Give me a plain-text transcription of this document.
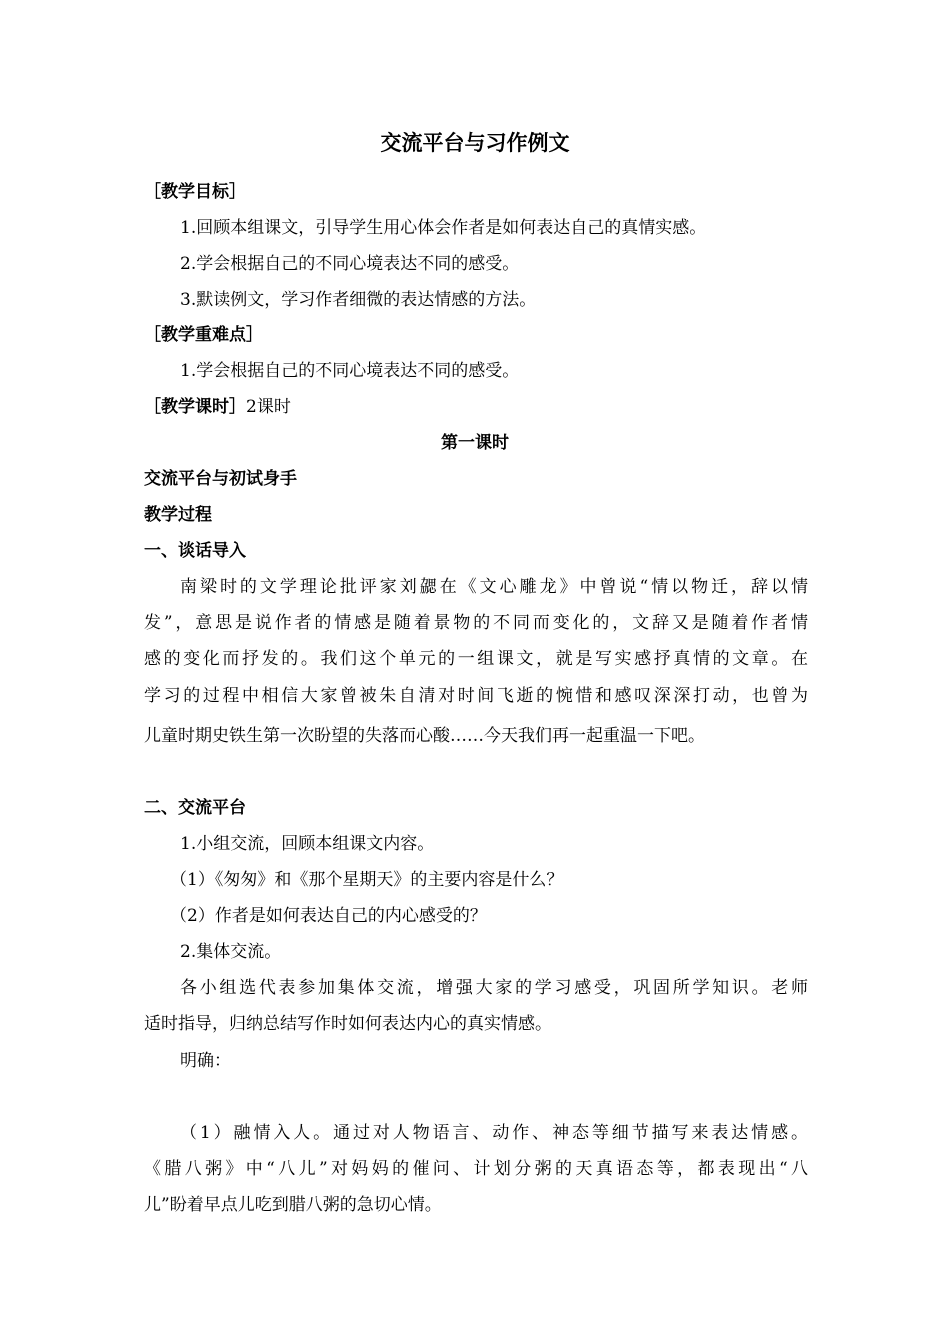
交流平台与习作例文
［教学目标］
1.回顾本组课文，引导学生用心体会作者是如何表达自己的真情实感。
2.学会根据自己的不同心境表达不同的感受。
3.默读例文，学习作者细微的表达情感的方法。
［教学重难点］
1.学会根据自己的不同心境表达不同的感受。
［教学课时］2课时
第一课时
交流平台与初试身手
教学过程
一、谈话导入
南梁时的文学理论批评家刘勰在《文心雕龙》中曾说“情以物迁，辞以情
发”，意思是说作者的情感是随着景物的不同而变化的，文辞又是随着作者情
感的变化而抒发的。我们这个单元的一组课文，就是写实感抒真情的文章。在
学习的过程中相信大家曾被朱自清对时间飞逝的惋惜和感叹深深打动，也曾为
儿童时期史铁生第一次盼望的失落而心酸……今天我们再一起重温一下吧。
二、交流平台
1.小组交流，回顾本组课文内容。
（1）《匆匆》和《那个星期天》的主要内容是什么？
（2）作者是如何表达自己的内心感受的？
2.集体交流。
各小组选代表参加集体交流，增强大家的学习感受，巩固所学知识。老师
适时指导，归纳总结写作时如何表达内心的真实情感。
明确：
（1）融情入人。通过对人物语言、动作、神态等细节描写来表达情感。
《腊八粥》中“八儿”对妈妈的催问、计划分粥的天真语态等，都表现出“八
儿”盼着早点儿吃到腊八粥的急切心情。
